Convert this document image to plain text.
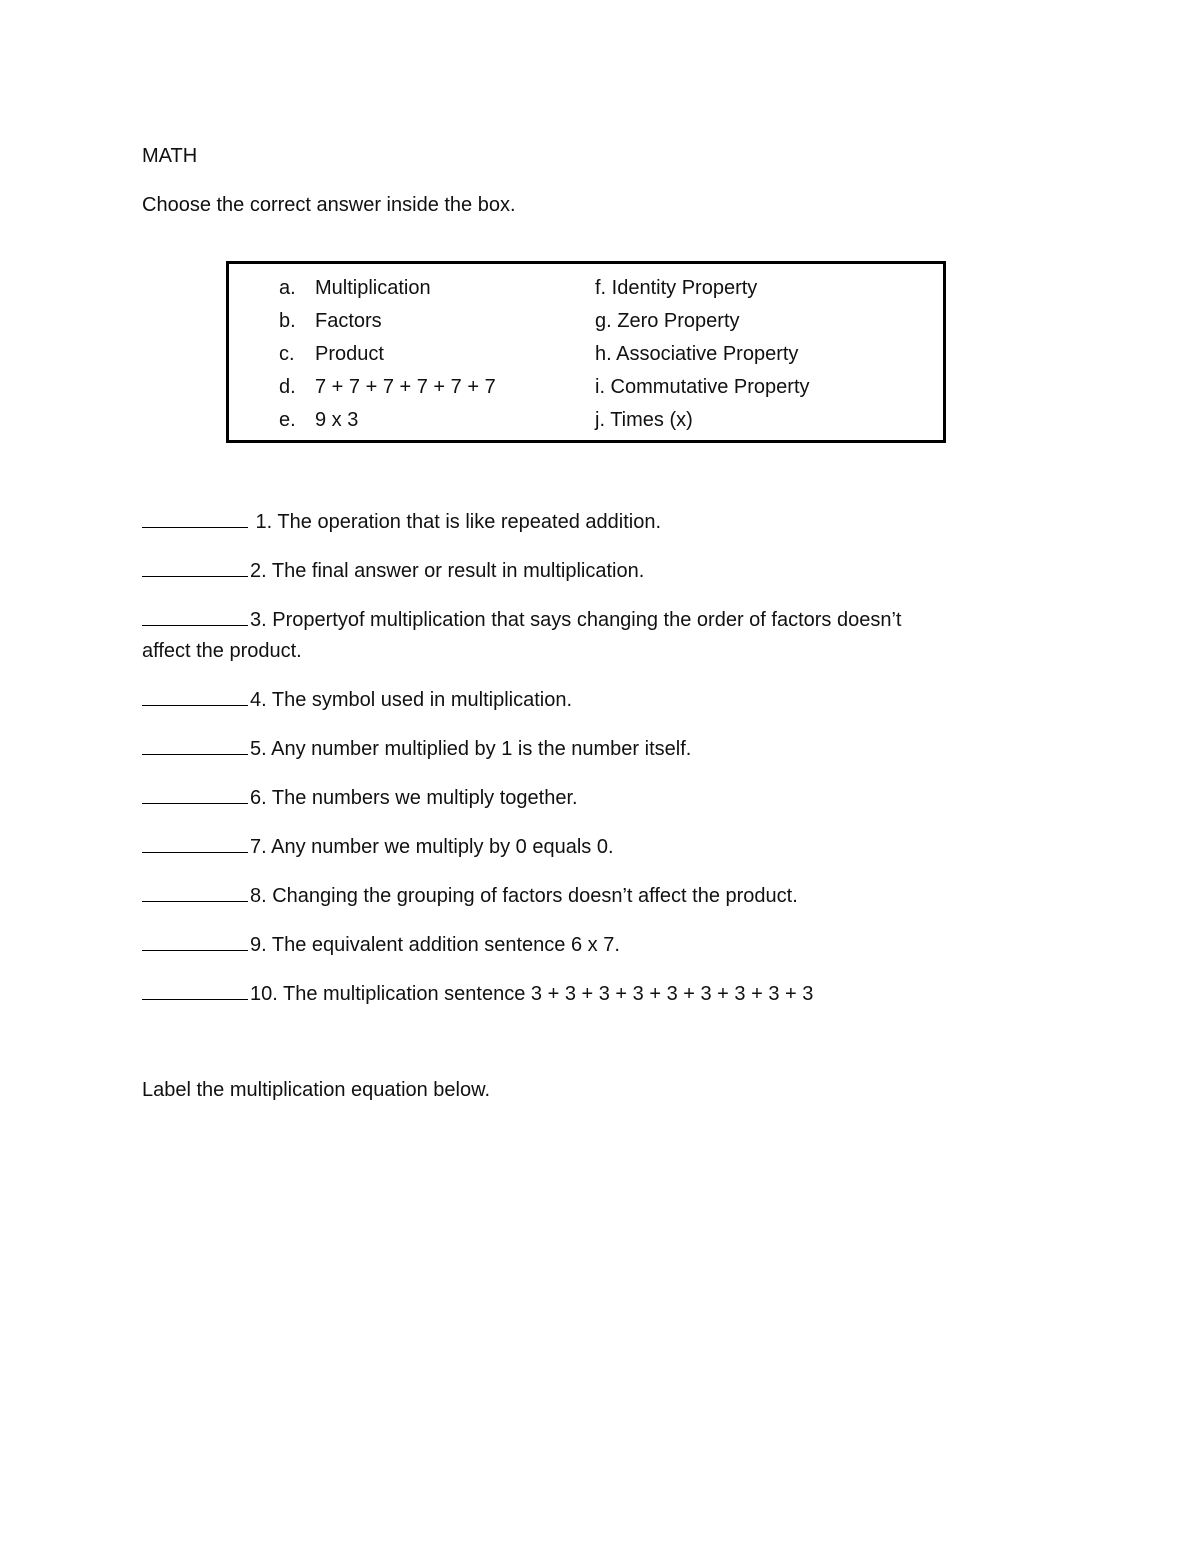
MATH
Choose the correct answer inside the box.
a. Multiplication
b. Factors
c.	Product
d. 7 + 7 + 7 + 7 + 7 + 7
e. 9 x 3
f. Identity Property
g. Zero Property
h. Associative Property
i. Commutative Property
j. Times (x)
1. The operation that is like repeated addition.
2. The final answer or result in multiplication.
3. Propertyof multiplication that says changing the order of factors doesn’t
affect the product.
4. The symbol used in multiplication.
5. Any number multiplied by 1 is the number itself.
6. The numbers we multiply together.
7. Any number we multiply by 0 equals 0.
8. Changing the grouping of factors doesn’t affect the product.
9. The equivalent addition sentence 6 x 7.
10. The multiplication sentence 3 + 3 + 3 + 3 + 3 + 3 + 3 + 3 + 3
Label the multiplication equation below.
